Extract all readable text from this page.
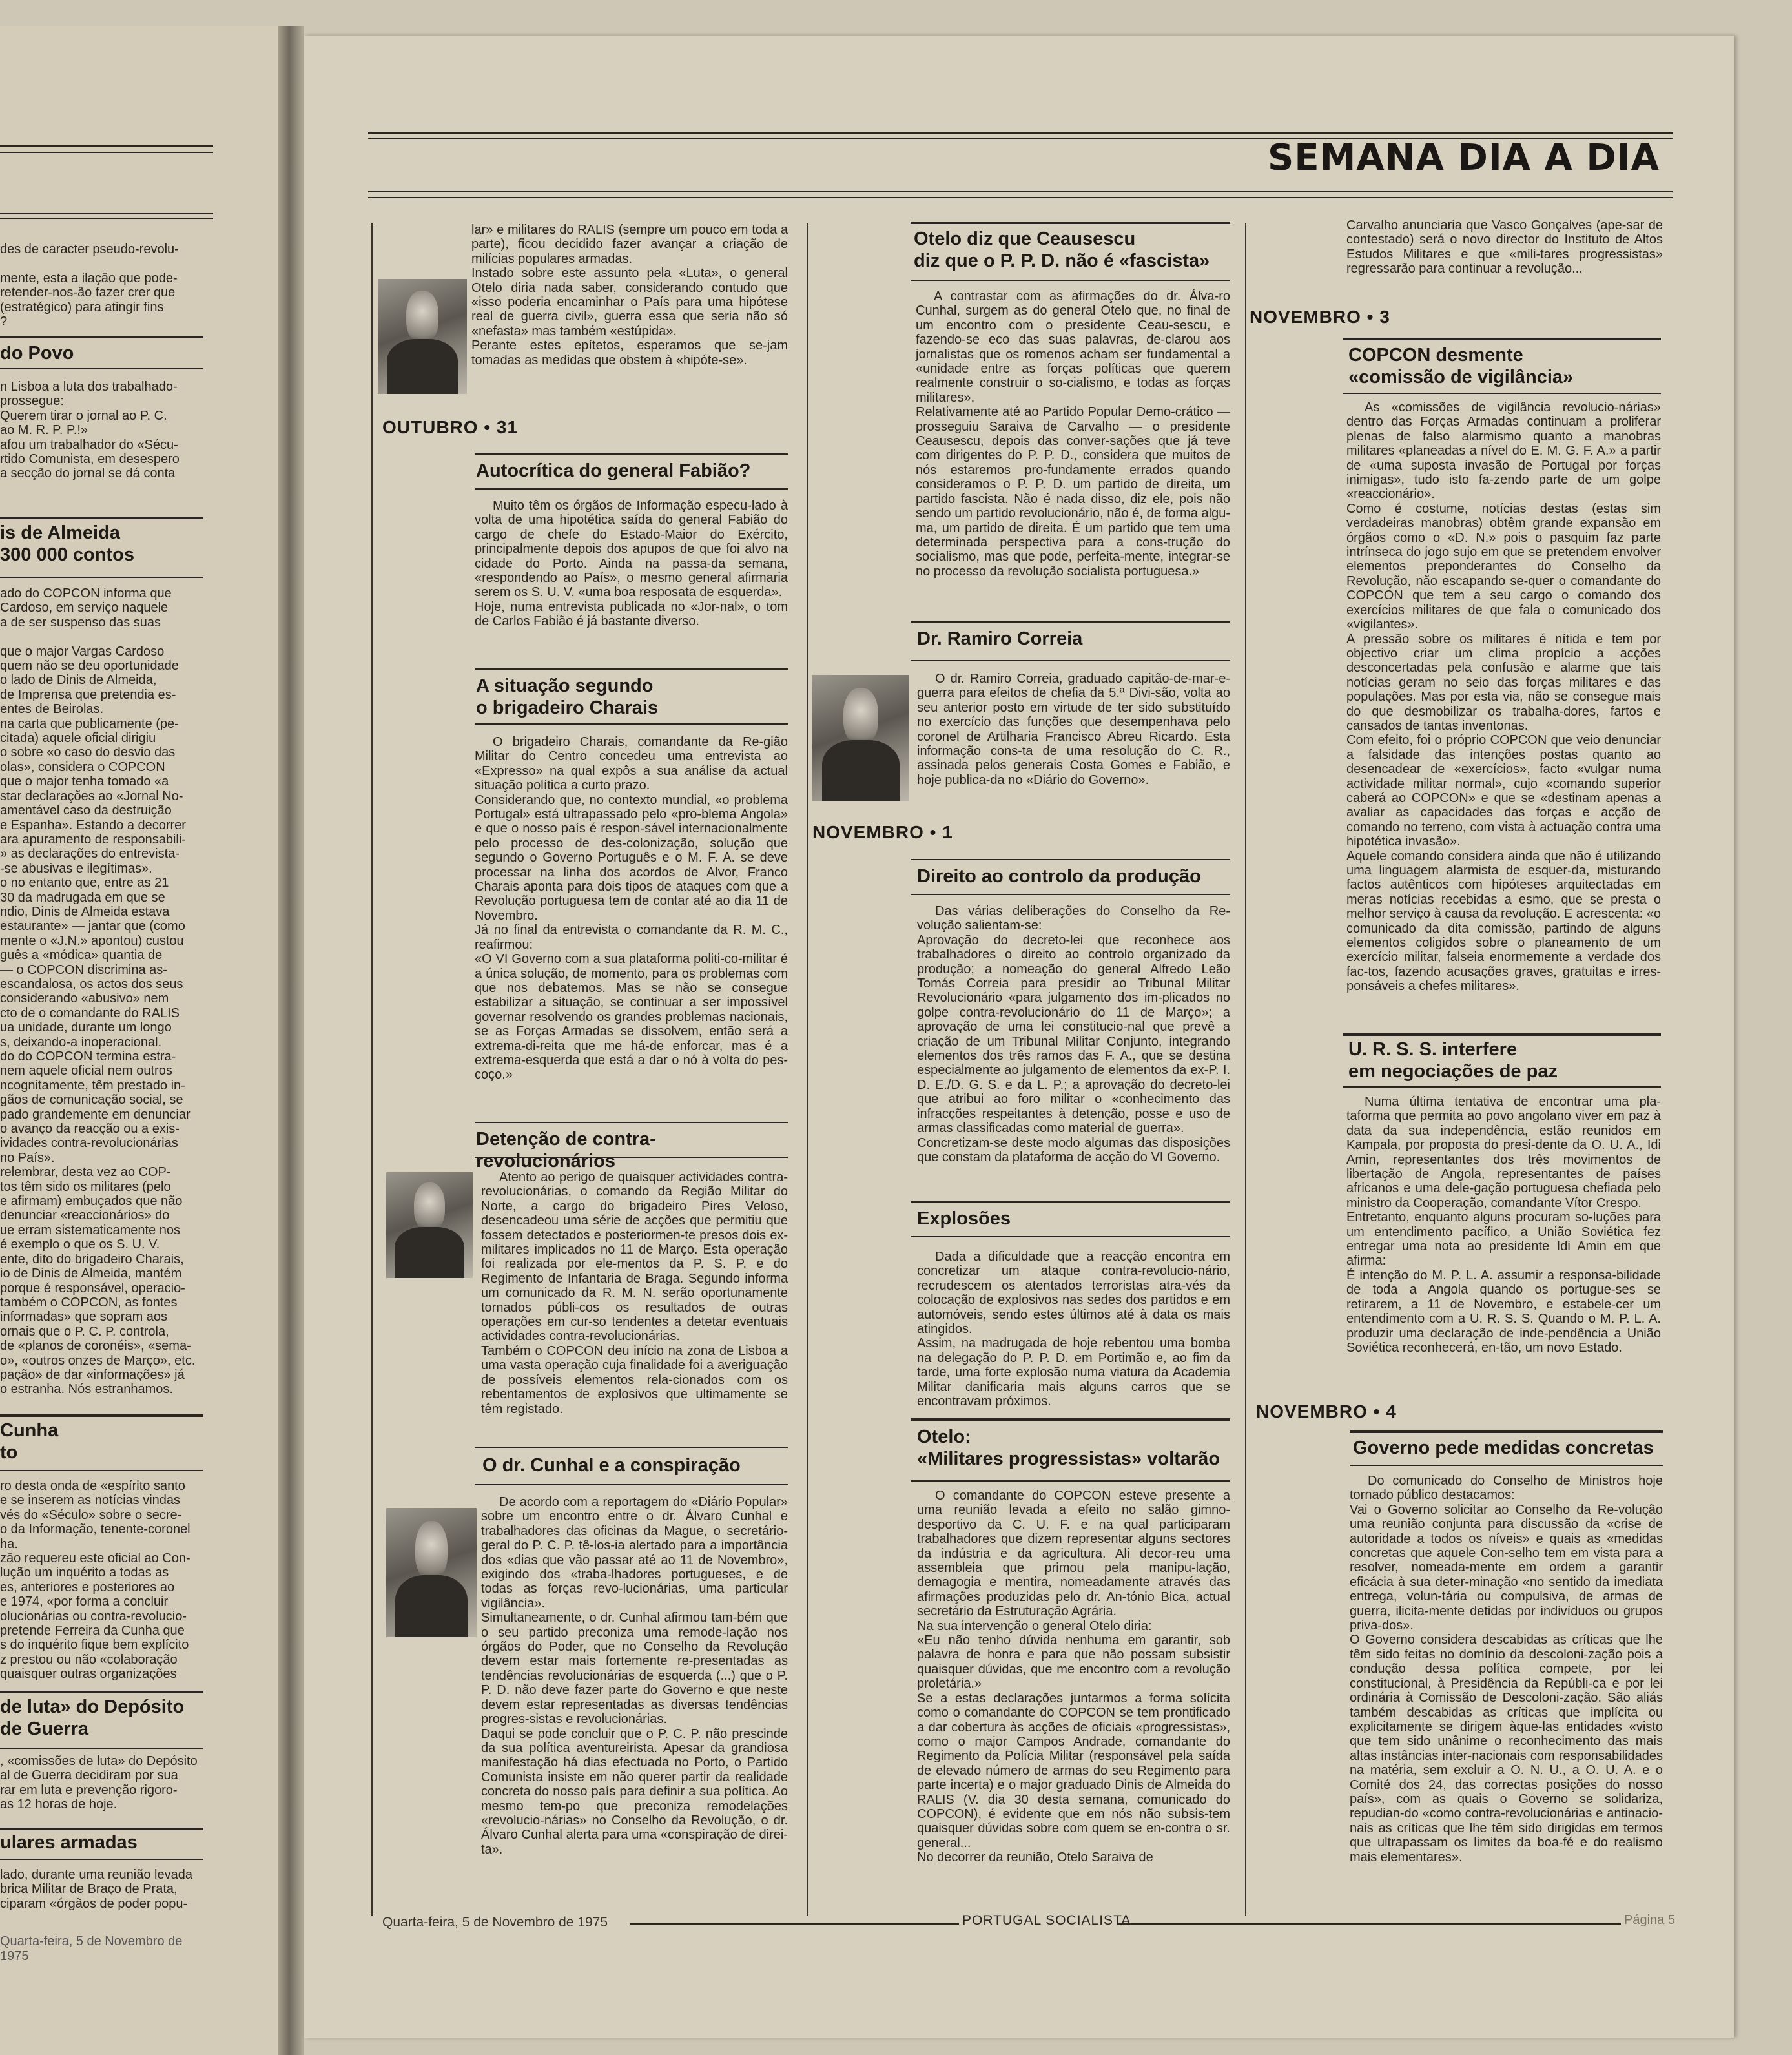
des de caracter pseudo-revolu-

mente, esta a ilação que pode-
retender-nos-ão fazer crer que
(estratégico) para atingir fins
?
do Povo
n Lisboa a luta dos trabalhado-
prossegue:
Querem tirar o jornal ao P. C.
ao M. R. P. P.!»
afou um trabalhador do «Sécu-
rtido Comunista, em desespero
a secção do jornal se dá conta
is de Almeida
300 000 contos
ado do COPCON informa que
Cardoso, em serviço naquele
a de ser suspenso das suas

que o major Vargas Cardoso
quem não se deu oportunidade
o lado de Dinis de Almeida,
de Imprensa que pretendia es-
entes de Beirolas.
na carta que publicamente (pe-
citada) aquele oficial dirigiu
o sobre «o caso do desvio das
olas», considera o COPCON
que o major tenha tomado «a
star declarações ao «Jornal No-
amentável caso da destruição
e Espanha». Estando a decorrer
ara apuramento de responsabili-
» as declarações do entrevista-
-se abusivas e ilegítimas».
o no entanto que, entre as 21
30 da madrugada em que se
ndio, Dinis de Almeida estava
estaurante» — jantar que (como
mente o «J.N.» apontou) custou
guês a «módica» quantia de
— o COPCON discrimina as-
escandalosa, os actos dos seus
considerando «abusivo» nem
cto de o comandante do RALIS
ua unidade, durante um longo
s, deixando-a inoperacional.
do do COPCON termina estra-
nem aquele oficial nem outros
ncognitamente, têm prestado in-
gãos de comunicação social, se
pado grandemente em denunciar
o avanço da reacção ou a exis-
ividades contra-revolucionárias
no País».
relembrar, desta vez ao COP-
tos têm sido os militares (pelo
e afirmam) embuçados que não
denunciar «reaccionários» do
ue erram sistematicamente nos
é exemplo o que os S. U. V.
ente, dito do brigadeiro Charais,
io de Dinis de Almeida, mantém
porque é responsável, operacio-
também o COPCON, as fontes
informadas» que sopram aos
ornais que o P. C. P. controla,
de «planos de coronéis», «sema-
o», «outros onzes de Março», etc.
pação» de dar «informações» já
o estranha. Nós estranhamos.
Cunha
to
ro desta onda de «espírito santo
e se inserem as notícias vindas
vés do «Século» sobre o secre-
o da Informação, tenente-coronel
ha.
zão requereu este oficial ao Con-
lução um inquérito a todas as
es, anteriores e posteriores ao
e 1974, «por forma a concluir
olucionárias ou contra-revolucio-
pretende Ferreira da Cunha que
s do inquérito fique bem explícito
z prestou ou não «colaboração
quaisquer outras organizações
de luta» do Depósito
de Guerra
, «comissões de luta» do Depósito
al de Guerra decidiram por sua
rar em luta e prevenção rigoro-
as 12 horas de hoje.
ulares armadas
lado, durante uma reunião levada
brica Militar de Braço de Prata,
ciparam «órgãos de poder popu-
Quarta-feira, 5 de Novembro de 1975
SEMANA DIA A DIA

lar» e militares do RALIS (sempre um pouco em toda a parte), ficou decidido fazer avançar a criação de milícias populares armadas.
Instado sobre este assunto pela «Luta», o general Otelo diria nada saber, considerando contudo que «isso poderia encaminhar o País para uma hipótese real de guerra civil», guerra essa que seria não só «nefasta» mas também «estúpida».
Perante estes epítetos, esperamos que se-jam tomadas as medidas que obstem à «hipóte-se».

OUTUBRO • 31
Autocrítica do general Fabião?
Muito têm os órgãos de Informação especu-lado à volta de uma hipotética saída do general Fabião do cargo de chefe do Estado-Maior do Exército, principalmente depois dos apupos de que foi alvo na cidade do Porto. Ainda na passa-da semana, «respondendo ao País», o mesmo general afirmaria serem os S. U. V. «uma boa resposata de esquerda».
Hoje, numa entrevista publicada no «Jor-nal», o tom de Carlos Fabião é já bastante diverso.
A situação segundo
o brigadeiro Charais
O brigadeiro Charais, comandante da Re-gião Militar do Centro concedeu uma entrevista ao «Expresso» na qual expôs a sua análise da actual situação política a curto prazo.
Considerando que, no contexto mundial, «o problema Portugal» está ultrapassado pelo «pro-blema Angola» e que o nosso país é respon-sável internacionalmente pelo processo de des-colonização, solução que segundo o Governo Português e o M. F. A. se deve processar na linha dos acordos de Alvor, Franco Charais aponta para dois tipos de ataques com que a Revolução portuguesa tem de contar até ao dia 11 de Novembro.
Já no final da entrevista o comandante da R. M. C., reafirmou:
«O VI Governo com a sua plataforma politi-co-militar é a única solução, de momento, para os problemas com que nos debatemos. Mas se não se consegue estabilizar a situação, se continuar a ser impossível governar resolvendo os grandes problemas nacionais, se as Forças Armadas se dissolvem, então será a extrema-di-reita que me há-de enforcar, mas é a extrema-esquerda que está a dar o nó à volta do pes-coço.»
Detenção de contra-revolucionários
Atento ao perigo de quaisquer actividades contra-revolucionárias, o comando da Região Militar do Norte, a cargo do brigadeiro Pires Veloso, desencadeou uma série de acções que permitiu que fossem detectados e posteriormen-te presos dois ex-militares implicados no 11 de Março. Esta operação foi realizada por ele-mentos da P. S. P. e do Regimento de Infantaria de Braga. Segundo informa um comunicado da R. M. N. serão oportunamente tornados públi-cos os resultados de outras operações em cur-so tendentes a detetar eventuais actividades contra-revolucionárias.
Também o COPCON deu início na zona de Lisboa a uma vasta operação cuja finalidade foi a averiguação de possíveis elementos rela-cionados com os rebentamentos de explosivos que ultimamente se têm registado.
O dr. Cunhal e a conspiração
De acordo com a reportagem do «Diário Popular» sobre um encontro entre o dr. Álvaro Cunhal e trabalhadores das oficinas da Mague, o secretário-geral do P. C. P. tê-los-ia alertado para a importância dos «dias que vão passar até ao 11 de Novembro», exigindo dos «traba-lhadores portugueses, e de todas as forças revo-lucionárias, uma particular vigilância».
Simultaneamente, o dr. Cunhal afirmou tam-bém que o seu partido preconiza uma remode-lação nos órgãos do Poder, que no Conselho da Revolução devem estar mais fortemente re-presentadas as tendências revolucionárias de esquerda (...) que o P. P. D. não deve fazer parte do Governo e que neste devem estar representadas as diversas tendências progres-sistas e revolucionárias.
Daqui se pode concluir que o P. C. P. não prescinde da sua política aventureirista. Apesar da grandiosa manifestação há dias efectuada no Porto, o Partido Comunista insiste em não querer partir da realidade concreta do nosso país para definir a sua política. Ao mesmo tem-po que preconiza remodelações «revolucio-nárias» no Conselho da Revolução, o dr. Álvaro Cunhal alerta para uma «conspiração de direi-ta».
Otelo diz que Ceausescu
diz que o P. P. D. não é «fascista»
A contrastar com as afirmações do dr. Álva-ro Cunhal, surgem as do general Otelo que, no final de um encontro com o presidente Ceau-sescu, e fazendo-se eco das suas palavras, de-clarou aos jornalistas que os romenos acham ser fundamental a «unidade entre as forças políticas que querem realmente construir o so-cialismo, e todas as forças militares».
Relativamente até ao Partido Popular Demo-crático — prosseguiu Saraiva de Carvalho — o presidente Ceausescu, depois das conver-sações que já teve com dirigentes do P. P. D., considera que muitos de nós estaremos pro-fundamente errados quando consideramos o P. P. D. um partido de direita, um partido fascista. Não é nada disso, diz ele, pois não sendo um partido revolucionário, não é, de forma algu-ma, um partido de direita. É um partido que tem uma determinada perspectiva para a cons-trução do socialismo, mas que pode, perfeita-mente, integrar-se no processo da revolução socialista portuguesa.»
Dr. Ramiro Correia
O dr. Ramiro Correia, graduado capitão-de-mar-e-guerra para efeitos de chefia da 5.ª Divi-são, volta ao seu anterior posto em virtude de ter sido substituído no exercício das funções que desempenhava pelo coronel de Artilharia Francisco Abreu Ricardo. Esta informação cons-ta de uma resolução do C. R., assinada pelos generais Costa Gomes e Fabião, e hoje publica-da no «Diário do Governo».
NOVEMBRO • 1
Direito ao controlo da produção
Das várias deliberações do Conselho da Re-volução salientam-se:
Aprovação do decreto-lei que reconhece aos trabalhadores o direito ao controlo organizado da produção; a nomeação do general Alfredo Leão Tomás Correia para presidir ao Tribunal Militar Revolucionário «para julgamento dos im-plicados no golpe contra-revolucionário do 11 de Março»; a aprovação de uma lei constitucio-nal que prevê a criação de um Tribunal Militar Conjunto, integrando elementos dos três ramos das F. A., que se destina especialmente ao julgamento de elementos da ex-P. I. D. E./D. G. S. e da L. P.; a aprovação do decreto-lei que atribui ao foro militar o «conhecimento das infracções respeitantes à detenção, posse e uso de armas classificadas como material de guerra».
Concretizam-se deste modo algumas das disposições que constam da plataforma de acção do VI Governo.
Explosões
Dada a dificuldade que a reacção encontra em concretizar um ataque contra-revolucio-nário, recrudescem os atentados terroristas atra-vés da colocação de explosivos nas sedes dos partidos e em automóveis, sendo estes últimos até à data os mais atingidos.
Assim, na madrugada de hoje rebentou uma bomba na delegação do P. P. D. em Portimão e, ao fim da tarde, uma forte explosão numa viatura da Academia Militar danificaria mais alguns carros que se encontravam próximos.
Otelo:
«Militares progressistas» voltarão
O comandante do COPCON esteve presente a uma reunião levada a efeito no salão gimno-desportivo da C. U. F. e na qual participaram trabalhadores que dizem representar alguns sectores da indústria e da agricultura. Ali decor-reu uma assembleia que primou pela manipu-lação, demagogia e mentira, nomeadamente através das afirmações produzidas pelo dr. An-tónio Bica, actual secretário da Estruturação Agrária.
Na sua intervenção o general Otelo diria:
«Eu não tenho dúvida nenhuma em garantir, sob palavra de honra e para que não possam subsistir quaisquer dúvidas, que me encontro com a revolução proletária.»
Se a estas declarações juntarmos a forma solícita como o comandante do COPCON se tem prontificado a dar cobertura às acções de oficiais «progressistas», como o major Campos Andrade, comandante do Regimento da Polícia Militar (responsável pela saída de elevado número de armas do seu Regimento para parte incerta) e o major graduado Dinis de Almeida do RALIS (V. dia 30 desta semana, comunicado do COPCON), é evidente que em nós não subsis-tem quaisquer dúvidas sobre com quem se en-contra o sr. general...
No decorrer da reunião, Otelo Saraiva de
Carvalho anunciaria que Vasco Gonçalves (ape-sar de contestado) será o novo director do Instituto de Altos Estudos Militares e que «mili-tares progressistas» regressarão para continuar a revolução...
NOVEMBRO • 3
COPCON desmente
«comissão de vigilância»
As «comissões de vigilância revolucio-nárias» dentro das Forças Armadas continuam a proliferar plenas de falso alarmismo quanto a manobras militares «planeadas a nível do E. M. G. F. A.» a partir de «uma suposta invasão de Portugal por forças inimigas», tudo isto fa-zendo parte de um golpe «reaccionário».
Como é costume, notícias destas (estas sim verdadeiras manobras) obtêm grande expansão em órgãos como o «D. N.» pois o pasquim faz parte intrínseca do jogo sujo em que se pretendem envolver elementos preponderantes do Conselho da Revolução, não escapando se-quer o comandante do COPCON que tem a seu cargo o comando dos exercícios militares de que fala o comunicado dos «vigilantes».
A pressão sobre os militares é nítida e tem por objectivo criar um clima propício a acções desconcertadas pela confusão e alarme que tais notícias geram no seio das forças militares e das populações. Mas por esta via, não se consegue mais do que desmobilizar os trabalha-dores, fartos e cansados de tantas inventonas.
Com efeito, foi o próprio COPCON que veio denunciar a falsidade das intenções postas quanto ao desencadear de «exercícios», facto «vulgar numa actividade militar normal», cujo «comando superior caberá ao COPCON» e que se «destinam apenas a avaliar as capacidades das forças e acção de comando no terreno, com vista à actuação contra uma hipotética invasão».
Aquele comando considera ainda que não é utilizando uma linguagem alarmista de esquer-da, misturando factos autênticos com hipóteses arquitectadas em meras notícias recebidas a esmo, que se presta o melhor serviço à causa da revolução. E acrescenta: «o comunicado da dita comissão, partindo de alguns elementos coligidos sobre o planeamento de um exercício militar, falseia enormemente a verdade dos fac-tos, fazendo acusações graves, gratuitas e irres-ponsáveis a chefes militares».
U. R. S. S. interfere
em negociações de paz
Numa última tentativa de encontrar uma pla-taforma que permita ao povo angolano viver em paz à data da sua independência, estão reunidos em Kampala, por proposta do presi-dente da O. U. A., Idi Amin, representantes dos três movimentos de libertação de Angola, representantes de países africanos e uma dele-gação portuguesa chefiada pelo ministro da Cooperação, comandante Vítor Crespo.
Entretanto, enquanto alguns procuram so-luções para um entendimento pacífico, a União Soviética fez entregar uma nota ao presidente Idi Amin em que afirma:
É intenção do M. P. L. A. assumir a responsa-bilidade de toda a Angola quando os portugue-ses se retirarem, a 11 de Novembro, e estabele-cer um entendimento com a U. R. S. S. Quando o M. P. L. A. produzir uma declaração de inde-pendência a União Soviética reconhecerá, en-tão, um novo Estado.
NOVEMBRO • 4
Governo pede medidas concretas
Do comunicado do Conselho de Ministros hoje tornado público destacamos:
Vai o Governo solicitar ao Conselho da Re-volução uma reunião conjunta para discussão da «crise de autoridade a todos os níveis» e quais as «medidas concretas que aquele Con-selho tem em vista para a resolver, nomeada-mente em ordem a garantir eficácia à sua deter-minação «no sentido da imediata entrega, volun-tária ou compulsiva, de armas de guerra, ilicita-mente detidas por indivíduos ou grupos priva-dos».
O Governo considera descabidas as críticas que lhe têm sido feitas no domínio da descoloni-zação pois a condução dessa política compete, por lei constitucional, à Presidência da Repúbli-ca e por lei ordinária à Comissão de Descoloni-zação. São aliás também descabidas as críticas que implícita ou explicitamente se dirigem àque-las entidades «visto que tem sido unânime o reconhecimento das mais altas instâncias inter-nacionais com responsabilidades na matéria, sem excluir a O. N. U., a O. U. A. e o Comité dos 24, das correctas posições do nosso país», com as quais o Governo se solidariza, repudian-do «como contra-revolucionárias e antinacio-nais as críticas que lhe têm sido dirigidas em termos que ultrapassam os limites da boa-fé e do realismo mais elementares».
Quarta-feira, 5 de Novembro de 1975	PORTUGAL SOCIALISTA	Página 5
